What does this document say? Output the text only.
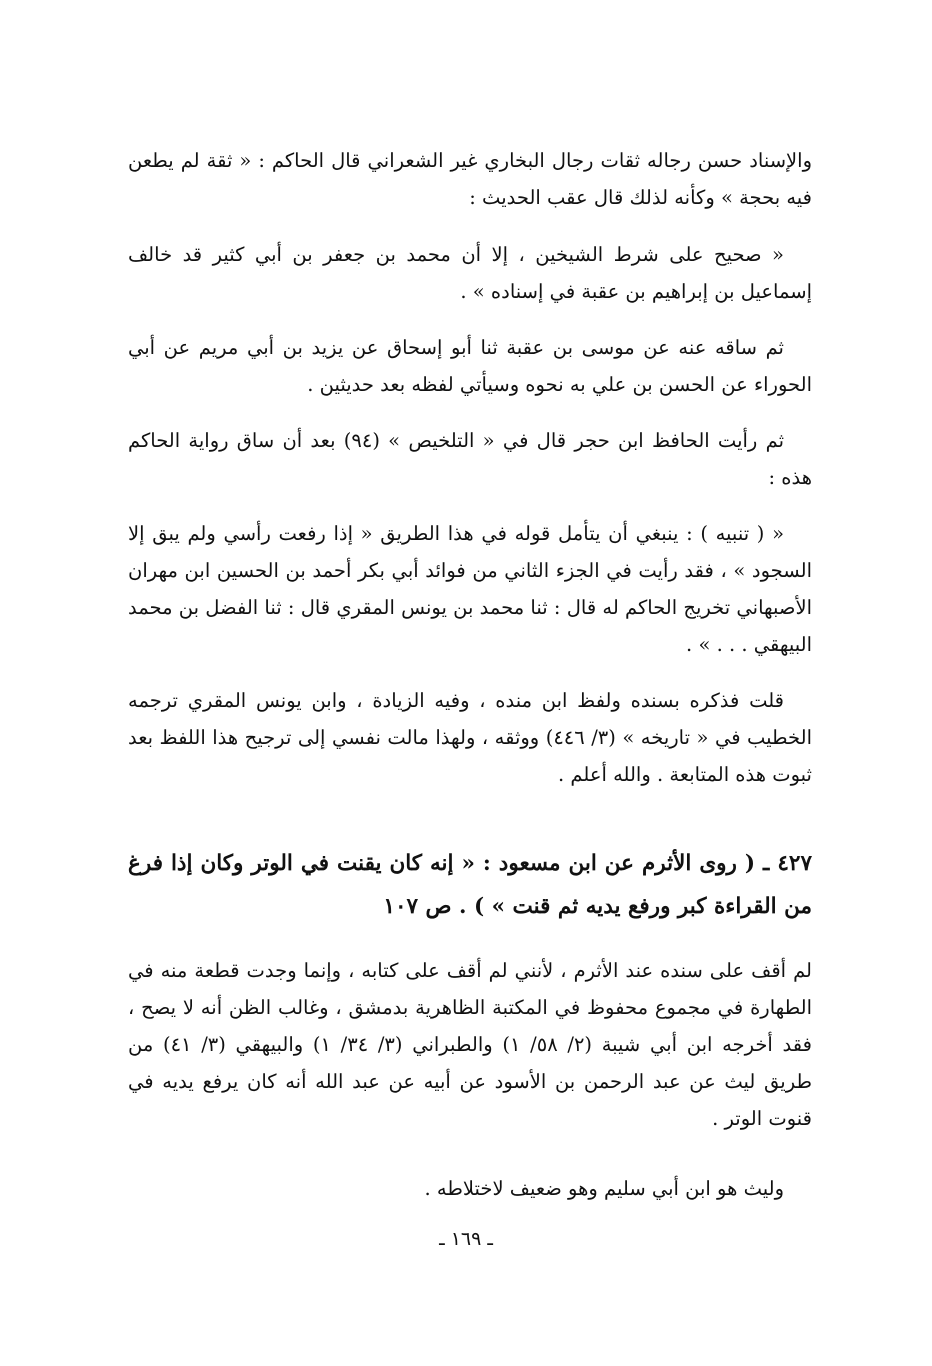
والإسناد حسن رجاله ثقات رجال البخاري غير الشعراني قال الحاكم : « ثقة لم يطعن فيه بحجة » وكأنه لذلك قال عقب الحديث :

« صحيح على شرط الشيخين ، إلا أن محمد بن جعفر بن أبي كثير قد خالف إسماعيل بن إبراهيم بن عقبة في إسناده » .

ثم ساقه عنه عن موسى بن عقبة ثنا أبو إسحاق عن يزيد بن أبي مريم عن أبي الحوراء عن الحسن بن علي به نحوه وسيأتي لفظه بعد حديثين .

ثم رأيت الحافظ ابن حجر قال في « التلخيص » (٩٤) بعد أن ساق رواية الحاكم هذه :

« ( تنبيه ) : ينبغي أن يتأمل قوله في هذا الطريق « إذا رفعت رأسي ولم يبق إلا السجود » ، فقد رأيت في الجزء الثاني من فوائد أبي بكر أحمد بن الحسين ابن مهران الأصبهاني تخريج الحاكم له قال : ثنا محمد بن يونس المقري قال : ثنا الفضل بن محمد البيهقي . . . » .

قلت فذكره بسنده ولفظ ابن منده ، وفيه الزيادة ، وابن يونس المقري ترجمه الخطيب في « تاريخه » (٣/ ٤٤٦) ووثقه ، ولهذا مالت نفسي إلى ترجيح هذا اللفظ بعد ثبوت هذه المتابعة . والله أعلم .

٤٢٧ ـ ( روى الأثرم عن ابن مسعود : « إنه كان يقنت في الوتر وكان إذا فرغ من القراءة كبر ورفع يديه ثم قنت » ) . ص ١٠٧

لم أقف على سنده عند الأثرم ، لأنني لم أقف على كتابه ، وإنما وجدت قطعة منه في الطهارة في مجموع محفوظ في المكتبة الظاهرية بدمشق ، وغالب الظن أنه لا يصح ، فقد أخرجه ابن أبي شيبة (٢/ ٥٨/ ١) والطبراني (٣/ ٣٤/ ١) والبيهقي (٣/ ٤١) من طريق ليث عن عبد الرحمن بن الأسود عن أبيه عن عبد الله أنه كان يرفع يديه في قنوت الوتر .

وليث هو ابن أبي سليم وهو ضعيف لاختلاطه .

ـ ١٦٩ ـ
